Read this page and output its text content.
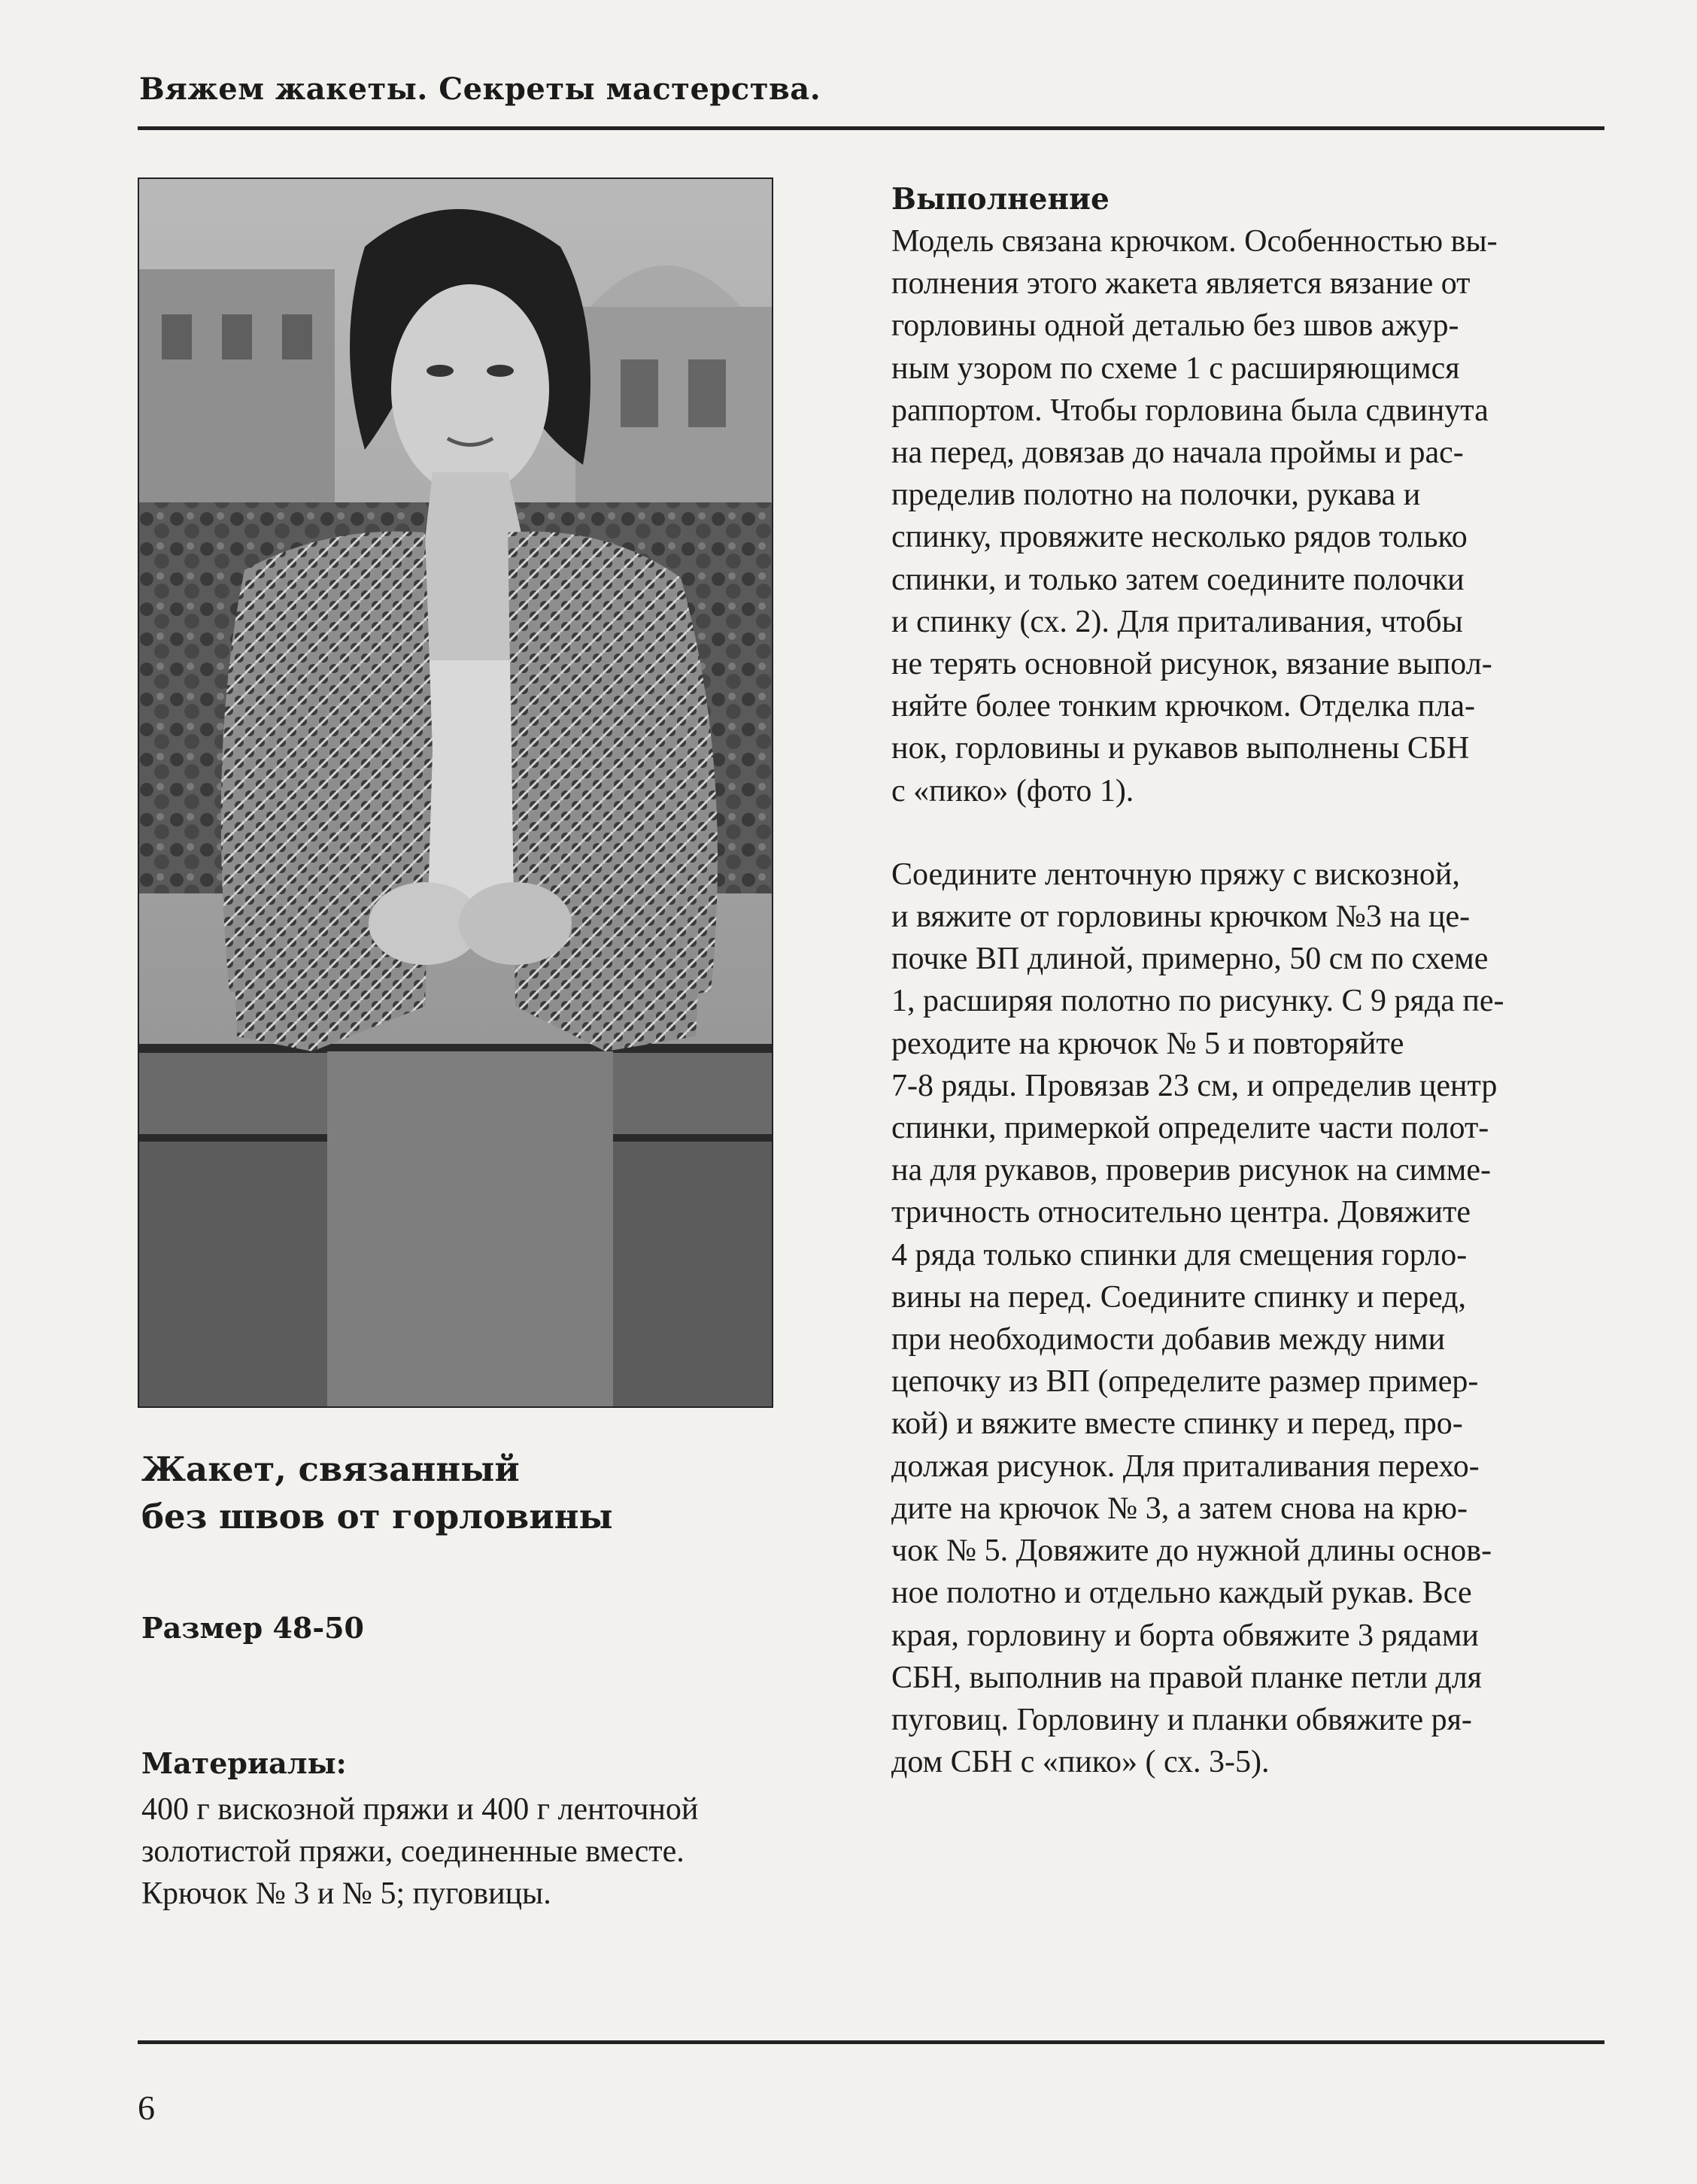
Вяжем жакеты. Секреты мастерства.
Жакет, связанный
без швов от горловины
Размер 48-50
Материалы:
400 г вискозной пряжи и 400 г ленточной
золотистой пряжи, соединенные вместе.
Крючок № 3 и № 5; пуговицы.
Выполнение

Модель связана крючком. Особенностью вы-
полнения этого жакета является вязание от
горловины одной деталью без швов ажур-
ным узором по схеме 1 с расширяющимся
раппортом. Чтобы горловина была сдвинута
на перед, довязав до начала проймы и рас-
пределив полотно на полочки, рукава и
спинку, провяжите несколько рядов только
спинки, и только затем соедините полочки
и спинку (сх. 2). Для приталивания, чтобы
не терять основной рисунок, вязание выпол-
няйте более тонким крючком. Отделка пла-
нок, горловины и рукавов выполнены СБН
с «пико» (фото 1).

Соедините ленточную пряжу с вискозной,
и вяжите от горловины крючком №3 на це-
почке ВП длиной, примерно, 50 см по схеме
1, расширяя полотно по рисунку. С 9 ряда пе-
реходите на крючок № 5 и повторяйте
7-8 ряды. Провязав 23 см, и определив центр
спинки, примеркой определите части полот-
на для рукавов, проверив рисунок на симме-
тричность относительно центра. Довяжите
4 ряда только спинки для смещения горло-
вины на перед. Соедините спинку и перед,
при необходимости добавив между ними
цепочку из ВП (определите размер пример-
кой) и вяжите вместе спинку и перед, про-
должая рисунок. Для приталивания перехо-
дите на крючок № 3, а затем снова на крю-
чок № 5. Довяжите до нужной длины основ-
ное полотно и отдельно каждый рукав. Все
края, горловину и борта обвяжите 3 рядами
СБН, выполнив на правой планке петли для
пуговиц. Горловину и планки обвяжите ря-
дом СБН с «пико» ( сх. 3-5).

6
